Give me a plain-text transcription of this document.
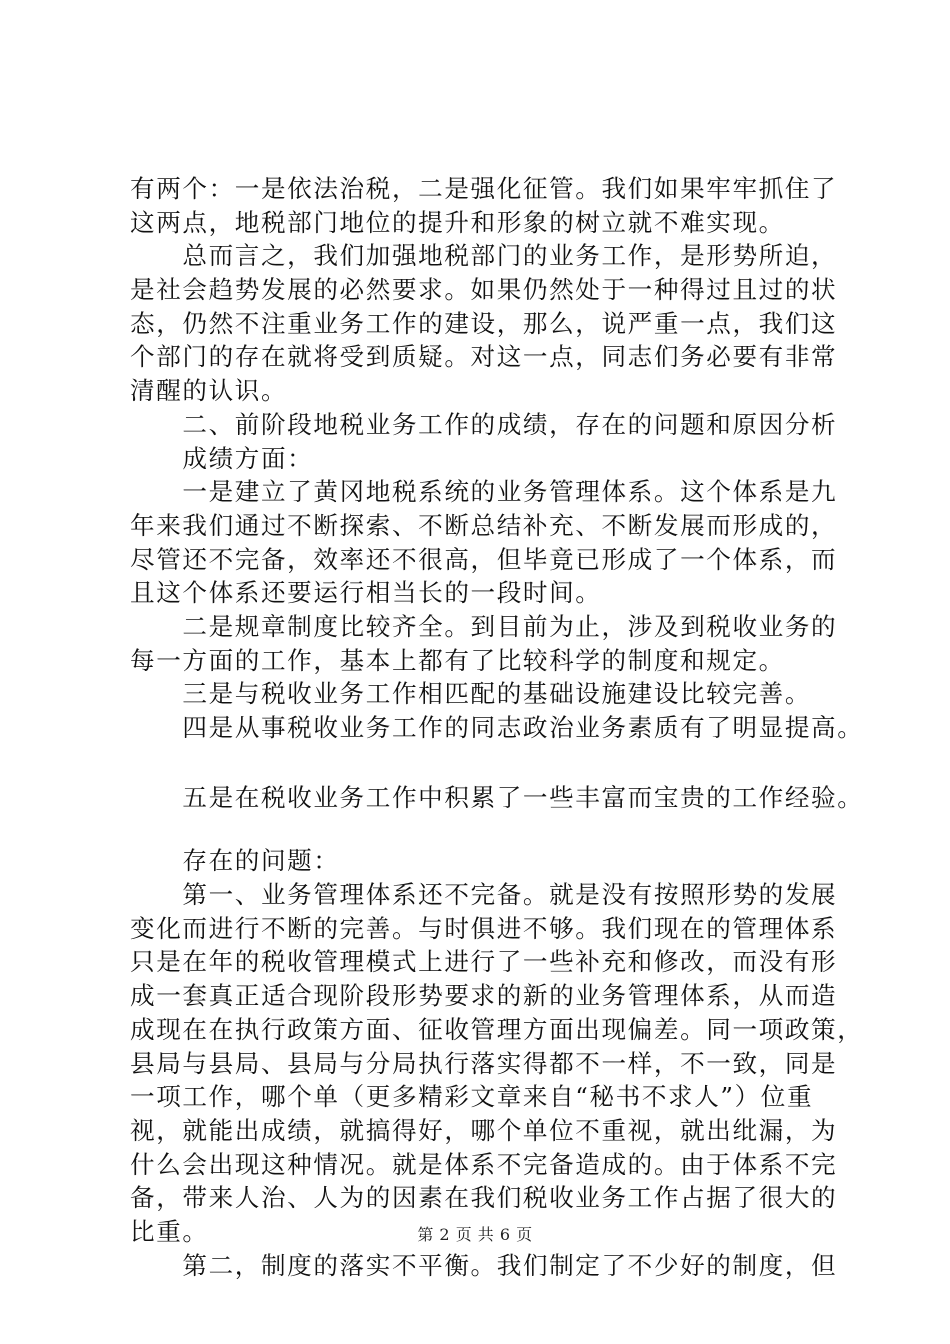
有两个：一是依法治税，二是强化征管。我们如果牢牢抓住了
这两点，地税部门地位的提升和形象的树立就不难实现。
　　总而言之，我们加强地税部门的业务工作，是形势所迫，
是社会趋势发展的必然要求。如果仍然处于一种得过且过的状
态，仍然不注重业务工作的建设，那么，说严重一点，我们这
个部门的存在就将受到质疑。对这一点，同志们务必要有非常
清醒的认识。
　　二、前阶段地税业务工作的成绩，存在的问题和原因分析
　　成绩方面：
　　一是建立了黄冈地税系统的业务管理体系。这个体系是九
年来我们通过不断探索、不断总结补充、不断发展而形成的，
尽管还不完备，效率还不很高，但毕竟已形成了一个体系，而
且这个体系还要运行相当长的一段时间。
　　二是规章制度比较齐全。到目前为止，涉及到税收业务的
每一方面的工作，基本上都有了比较科学的制度和规定。
　　三是与税收业务工作相匹配的基础设施建设比较完善。
　　四是从事税收业务工作的同志政治业务素质有了明显提高。
　　五是在税收业务工作中积累了一些丰富而宝贵的工作经验。
　　存在的问题：
　　第一、业务管理体系还不完备。就是没有按照形势的发展
变化而进行不断的完善。与时俱进不够。我们现在的管理体系
只是在年的税收管理模式上进行了一些补充和修改，而没有形
成一套真正适合现阶段形势要求的新的业务管理体系，从而造
成现在在执行政策方面、征收管理方面出现偏差。同一项政策，
县局与县局、县局与分局执行落实得都不一样，不一致，同是
一项工作，哪个单（更多精彩文章来自“秘书不求人”）位重
视，就能出成绩，就搞得好，哪个单位不重视，就出纰漏，为
什么会出现这种情况。就是体系不完备造成的。由于体系不完
备，带来人治、人为的因素在我们税收业务工作占据了很大的
比重。
　　第二，制度的落实不平衡。我们制定了不少好的制度，但
第 2 页 共 6 页
